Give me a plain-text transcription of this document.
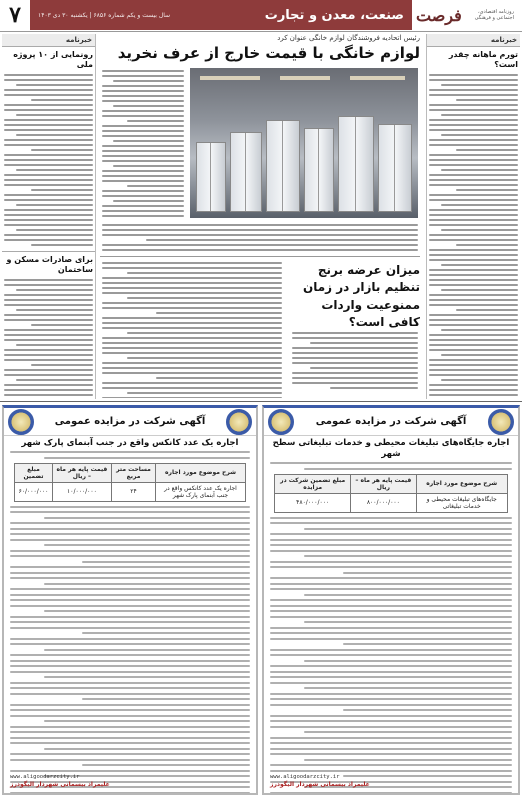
روزنامه اقتصادی، اجتماعی و فرهنگی
فرصت
صنعت، معدن و تجارت
سال بیست و یکم شماره ۶۸۵۶ | یکشنبه ۳۰ دی ۱۴۰۳
۷
خبرنامه
تورم ماهانه چقدر است؟
خبرنامه
رونمایی از ۱۰ پروژه ملی
برای صادرات مسکن و ساختمان
رئیس اتحادیه فروشندگان لوازم خانگی عنوان کرد
لوازم خانگی با قیمت خارج از عرف نخرید
میزان عرضه برنج تنظیم بازار در زمان ممنوعیت واردات کافی است؟
آگهی شرکت در مزایده عمومی
اجاره جایگاه‌های تبلیغات محیطی و خدمات تبلیغاتی سطح شهر
شرح موضوع مورد اجاره	قیمت پایه هر ماه – ریال	مبلغ تضمین شرکت در مزایده
جایگاه‌های تبلیغات محیطی و خدمات تبلیغاتی	۸۰۰/۰۰۰/۰۰۰	۴۸۰/۰۰۰/۰۰۰
www.aligoodarzcity.ir
علیمراد بیسمانی شهردار الیگودرز
آگهی شرکت در مزایده عمومی
اجاره یک عدد کانکس واقع در جنب آبنمای پارک شهر
شرح موضوع مورد اجاره	مساحت متر مربع	قیمت پایه هر ماه – ریال	مبلغ تضمین
اجاره یک عدد کانکس واقع در جنب آبنمای پارک شهر	۲۴	۱۰/۰۰۰/۰۰۰	۶۰/۰۰۰/۰۰۰
www.aligoodarzcity.ir
علیمراد بیسمانی شهردار الیگودرز
